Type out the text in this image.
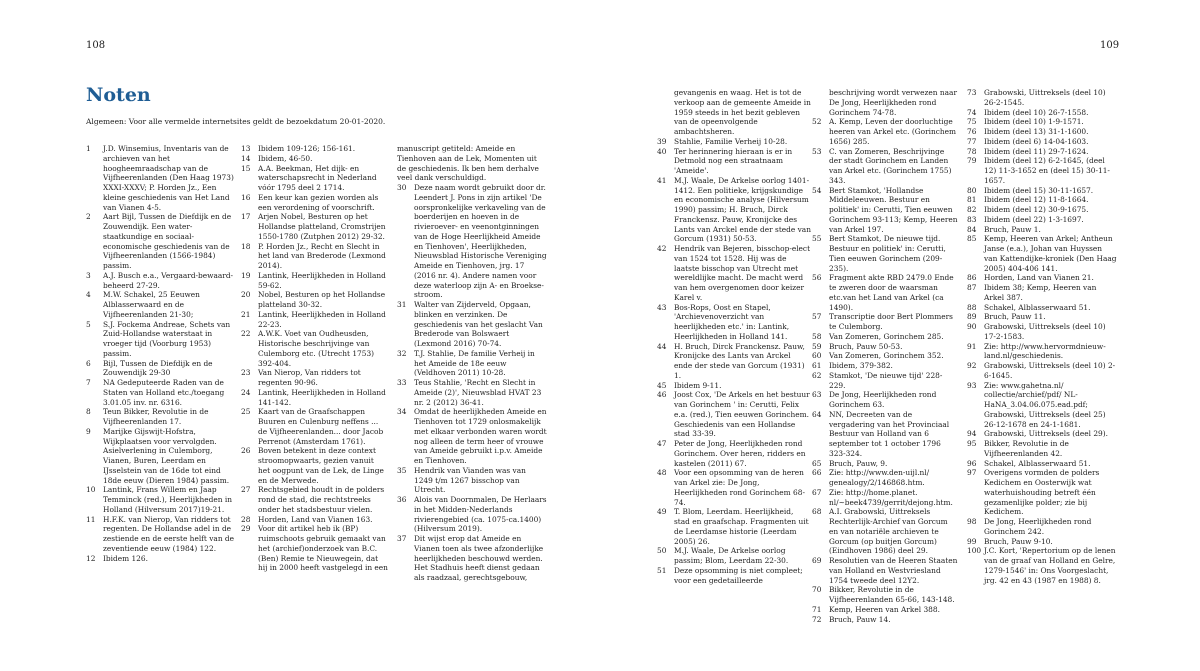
108	109
Noten
Algemeen: Voor alle vermelde internetsites geldt de bezoekdatum 20-01-2020.
1 J.D. Winsemius, Inventaris van de archieven van het hoogheemraadschap van de Vijfheerenlanden (Den Haag 1973) XXXI-XXXV; P. Horden Jz., Een kleine geschiedenis van Het Land van Vianen 4-5.
2 Aart Bijl, Tussen de Diefdijk en de Zouwendijk. Een water-staatkundige en sociaal-economische geschiedenis van de Vijfheerenlanden (1566-1984) passim.
3 A.J. Busch e.a., Vergaard-bewaard-beheerd 27-29.
4 M.W. Schakel, 25 Eeuwen Alblasserwaard en de Vijfheerenlanden 21-30;
5 S.J. Fockema Andreae, Schets van Zuid-Hollandse waterstaat in vroeger tijd (Voorburg 1953) passim.
6 Bijl, Tussen de Diefdijk en de Zouwendijk 29-30
7 NA Gedeputeerde Raden van de Staten van Holland etc./toegang 3.01.05 inv. nr. 6316.
8 Teun Bikker, Revolutie in de Vijfheerenlanden 17.
9 Marijke Gijswijt-Hofstra, Wijkplaatsen voor vervolgden. Asielverlening in Culemborg, Vianen, Buren, Leerdam en IJsselstein van de 16de tot eind 18de eeuw (Dieren 1984) passim.
10 Lantink, Frans Willem en Jaap Temminck (red.), Heerlijkheden in Holland (Hilversum 2017)19-21.
11 H.F.K. van Nierop, Van ridders tot regenten. De Hollandse adel in de zestiende en de eerste helft van de zeventiende eeuw (1984) 122.
12 Ibidem 126.
13 Ibidem 109-126; 156-161.
14 Ibidem, 46-50.
15 A.A. Beekman, Het dijk- en waterschapsrecht in Nederland vóór 1795 deel 2 1714.
16 Een keur kan gezien worden als een verordening of voorschrift.
17 Arjen Nobel, Besturen op het Hollandse platteland, Cromstrijen 1550-1780 (Zutphen 2012) 29-32.
18 P. Horden Jz., Recht en Slecht in het land van Brederode (Lexmond 2014).
19 Lantink, Heerlijkheden in Holland 59-62.
20 Nobel, Besturen op het Hollandse platteland 30-32.
21 Lantink, Heerlijkheden in Holland 22-23.
22 A.W.K. Voet van Oudheusden, Historische beschrijvinge van Culemborg etc. (Utrecht 1753) 392-404.
23 Van Nierop, Van ridders tot regenten 90-96.
24 Lantink, Heerlijkheden in Holland 141-142.
25 Kaart van de Graafschappen Buuren en Culenburg neffens ... de Vijfheerenlanden... door Jacob Perrenot (Amsterdam 1761).
26 Boven betekent in deze context stroomopwaarts, gezien vanuit het oogpunt van de Lek, de Linge en de Merwede.
27 Rechtsgebied houdt in de polders rond de stad, die rechtstreeks onder het stadsbestuur vielen.
28 Horden, Land van Vianen 163.
29 Voor dit artikel heb ik (BP) ruimschoots gebruik gemaakt van het (archief)onderzoek van B.C. (Ben) Remie te Nieuwegein, dat hij in 2000 heeft vastgelegd in een
manuscript getiteld: Ameide en Tienhoven aan de Lek, Momenten uit de geschiedenis. Ik ben hem derhalve veel dank verschuldigd.
30 Deze naam wordt gebruikt door dr. Leendert J. Pons in zijn artikel 'De oorspronkelijke verkaveling van de boerderijen en hoeven in de rivieroever- en veenontginningen van de Hoge Heerlijkheid Ameide en Tienhoven', Heerlijkheden, Nieuwsblad Historische Vereniging Ameide en Tienhoven, jrg. 17 (2016 nr. 4). Andere namen voor deze waterloop zijn A- en Broekse-stroom.
31 Walter van Zijderveld, Opgaan, blinken en verzinken. De geschiedenis van het geslacht Van Brederode van Bolswaert (Lexmond 2016) 70-74.
32 T.J. Stahlie, De familie Verheij in het Ameide de 18e eeuw (Veldhoven 2011) 10-28.
33 Teus Stahlie, 'Recht en Slecht in Ameide (2)', Nieuwsblad HVAT 23 nr. 2 (2012) 36-41.
34 Omdat de heerlijkheden Ameide en Tienhoven tot 1729 onlosmakelijk met elkaar verbonden waren wordt nog alleen de term heer of vrouwe van Ameide gebruikt i.p.v. Ameide en Tienhoven.
35 Hendrik van Vianden was van 1249 t/m 1267 bisschop van Utrecht.
36 Alois van Doornmalen, De Herlaars in het Midden-Nederlands rivierengebied (ca. 1075-ca.1400) (Hilversum 2019).
37 Dit wijst erop dat Ameide en Vianen toen als twee afzonderlijke heerlijkheden beschouwd werden. Het Stadhuis heeft dienst gedaan als raadzaal, gerechtsgebouw,
gevangenis en waag. Het is tot de verkoop aan de gemeente Ameide in 1959 steeds in het bezit gebleven van de opeenvolgende ambachtsheren.
39 Stahlie, Familie Verheij 10-28.
40 Ter herinnering hieraan is er in Detmold nog een straatnaam 'Ameide'.
41 M.J. Waale, De Arkelse oorlog 1401-1412. Een politieke, krijgskundige en economische analyse (Hilversum 1990) passim; H. Bruch, Dirck Franckensz. Pauw, Kronijcke des Lants van Arckel ende der stede van Gorcum (1931) 50-53.
42 Hendrik van Bejeren, bisschop-elect van 1524 tot 1528. Hij was de laatste bisschop van Utrecht met wereldlijke macht. De macht werd van hem overgenomen door keizer Karel v.
43 Bos-Rops, Oost en Stapel, 'Archievenoverzicht van heerlijkheden etc.' in: Lantink, Heerlijkheden in Holland 141.
44 H. Bruch, Dirck Franckensz. Pauw, Kronijcke des Lants van Arckel ende der stede van Gorcum (1931) 1.
45 Ibidem 9-11.
46 Joost Cox, 'De Arkels en het bestuur van Gorinchem ' in: Cerutti, Felix e.a. (red.), Tien eeuwen Gorinchem. Geschiedenis van een Hollandse stad 33-39.
47 Peter de Jong, Heerlijkheden rond Gorinchem. Over heren, ridders en kastelen (2011) 67.
48 Voor een opsomming van de heren van Arkel zie: De Jong, Heerlijkheden rond Gorinchem 68-74.
49 T. Blom, Leerdam. Heerlijkheid, stad en graafschap. Fragmenten uit de Leerdamse historie (Leerdam 2005) 26.
50 M.J. Waale, De Arkelse oorlog passim; Blom, Leerdam 22-30.
51 Deze opsomming is niet compleet; voor een gedetailleerde
beschrijving wordt verwezen naar De Jong, Heerlijkheden rond Gorinchem 74-78.
52 A. Kemp, Leven der doorluchtige heeren van Arkel etc. (Gorinchem 1656) 285.
53 C. van Zomeren, Beschrijvinge der stadt Gorinchem en Landen van Arkel etc. (Gorinchem 1755) 343.
54 Bert Stamkot, 'Hollandse Middeleeuwen. Bestuur en politiek' in: Cerutti, Tien eeuwen Gorinchem 93-113; Kemp, Heeren van Arkel 197.
55 Bert Stamkot, De nieuwe tijd. Bestuur en politiek' in: Cerutti, Tien eeuwen Gorinchem (209-235).
56 Fragment akte RBD 2479.0 Ende te zweren door de waarsman etc.van het Land van Arkel (ca 1490).
57 Transcriptie door Bert Plommers te Culemborg.
58 Van Zomeren, Gorinchem 285.
59 Bruch, Pauw 50-53.
60 Van Zomeren, Gorinchem 352.
61 Ibidem, 379-382.
62 Stamkot, 'De nieuwe tijd' 228-229.
63 De Jong, Heerlijkheden rond Gorinchem 63.
64 NN, Decreeten van de vergadering van het Provinciaal Bestuur van Holland van 6 september tot 1 october 1796 323-324.
65 Bruch, Pauw, 9.
66 Zie: http://www.den-uijl.nl/ genealogy/2/146868.htm.
67 Zie: http://home.planet. nl/~beek4739/gerrit/dejong.htm.
68 A.I. Grabowski, Uittreksels Rechterlijk-Archief van Gorcum en van notariële archieven te Gorcum (op buitjen Gorcum) (Eindhoven 1986) deel 29.
69 Resolutien van de Heeren Staaten van Holland en Westvriesland 1754 tweede deel 12Y2.
70 Bikker, Revolutie in de Vijfheerenlanden 65-66, 143-148.
71 Kemp, Heeren van Arkel 388.
72 Bruch, Pauw 14.
73 Grabowski, Uittreksels (deel 10) 26-2-1545.
74 Ibidem (deel 10) 26-7-1558.
75 Ibidem (deel 10) 1-9-1571.
76 Ibidem (deel 13) 31-1-1600.
77 Ibidem (deel 6) 14-04-1603.
78 Ibidem (deel 11) 29-7-1624.
79 Ibidem (deel 12) 6-2-1645, (deel 12) 11-3-1652 en (deel 15) 30-11-1657.
80 Ibidem (deel 15) 30-11-1657.
81 Ibidem (deel 12) 11-8-1664.
82 Ibidem (deel 12) 30-9-1675.
83 Ibidem (deel 22) 1-3-1697.
84 Bruch, Pauw 1.
85 Kemp, Heeren van Arkel; Antheun Janse (e.a.), Johan van Huyssen van Kattendijke-kroniek (Den Haag 2005) 404-406 141.
86 Horden, Land van Vianen 21.
87 Ibidem 38; Kemp, Heeren van Arkel 387.
88 Schakel, Alblasserwaard 51.
89 Bruch, Pauw 11.
90 Grabowski, Uittreksels (deel 10) 17-2-1583.
91 Zie: http://www.hervormdnieuw-land.nl/geschiedenis.
92 Grabowski, Uittreksels (deel 10) 2-6-1645.
93 Zie: www.gahetna.nl/ collectie/archief/pdf/ NL-HaNA_3.04.06.075.ead.pdf; Grabowski, Uittreksels (deel 25) 26-12-1678 en 24-1-1681.
94 Grabowski, Uittreksels (deel 29).
95 Bikker, Revolutie in de Vijfheerenlanden 42.
96 Schakel, Alblasserwaard 51.
97 Overigens vormden de polders Kedichem en Oosterwijk wat waterhuishouding betreft één gezamenlijke polder; zie bij Kedichem.
98 De Jong, Heerlijkheden rond Gorinchem 242.
99 Bruch, Pauw 9-10.
100 J.C. Kort, 'Repertorium op de lenen van de graaf van Holland en Gelre, 1279-1546' in: Ons Voorgeslacht, jrg. 42 en 43 (1987 en 1988) 8.
